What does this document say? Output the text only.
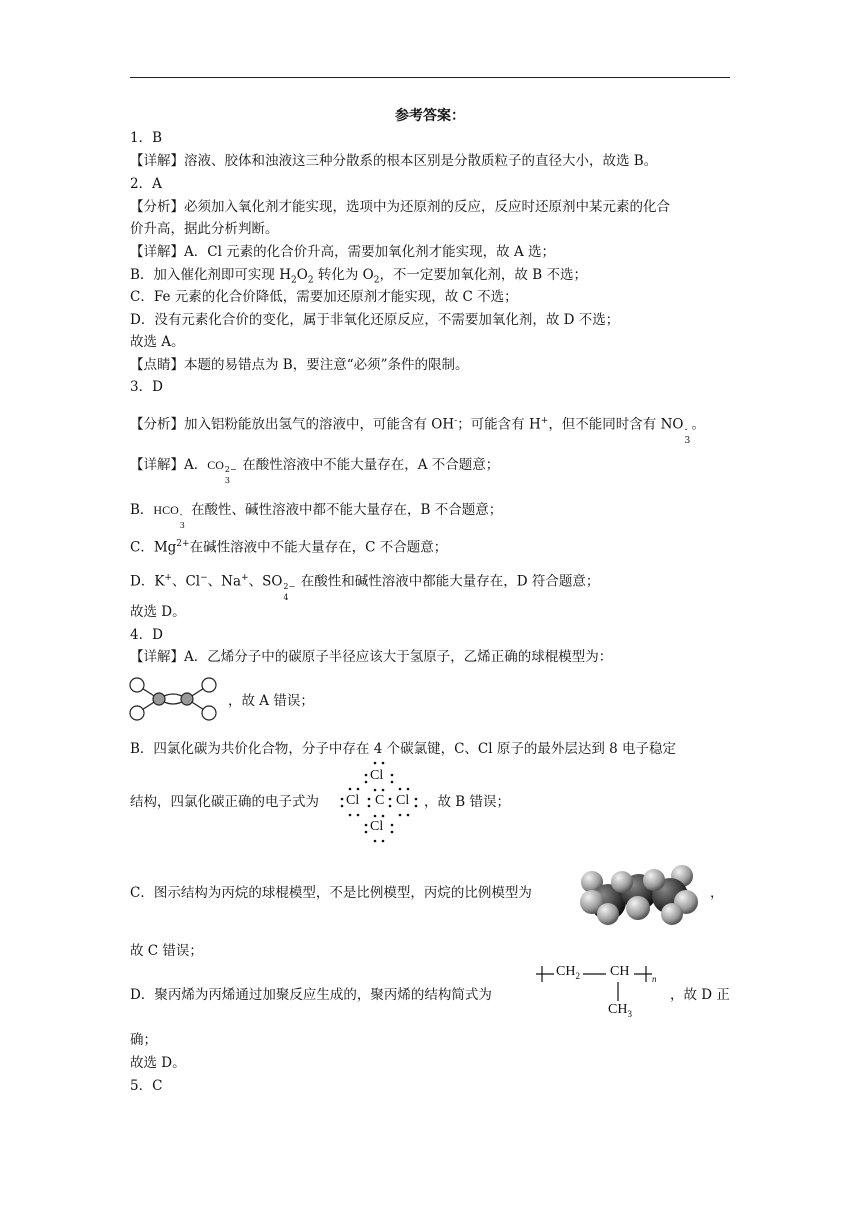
参考答案：
1．B
【详解】溶液、胶体和浊液这三种分散系的根本区别是分散质粒子的直径大小，故选 B。
2．A
【分析】必须加入氧化剂才能实现，选项中为还原剂的反应，反应时还原剂中某元素的化合
价升高，据此分析判断。
【详解】A．Cl 元素的化合价升高，需要加氧化剂才能实现，故 A 选；
B．加入催化剂即可实现 $H_2O_2$ 转化为 $O_2$，不一定要加氧化剂，故 B 不选；
C．Fe 元素的化合价降低，需要加还原剂才能实现，故 C 不选；
D．没有元素化合价的变化，属于非氧化还原反应，不需要加氧化剂，故 D 不选；
故选 A。
【点睛】本题的易错点为 B，要注意“必须”条件的限制。
3．D
【分析】加入铝粉能放出氢气的溶液中，可能含有 OH-；可能含有 H+，但不能同时含有 NO -
3
。
【详解】A．CO 2−
3
在酸性溶液中不能大量存在，A 不合题意；
B．HCO -
3
在酸性、碱性溶液中都不能大量存在，B 不合题意；
C．$Mg^{2+}$在碱性溶液中不能大量存在，C 不合题意；
D．K+、Cl−、Na+、SO 2−
4
在酸性和碱性溶液中都能大量存在，D 符合题意；
故选 D。
4．D
【详解】A．乙烯分子中的碳原子半径应该大于氢原子，乙烯正确的球棍模型为：
，故 A 错误；
B．四氯化碳为共价化合物，分子中存在 4 个碳氯键，C、Cl 原子的最外层达到 8 电子稳定
结构，四氯化碳正确的电子式为
Cl
Cl C Cl
Cl
，故 B 错误；
C．图示结构为丙烷的球棍模型，不是比例模型，丙烷的比例模型为	，
故 C 错误；
D．聚丙烯为丙烯通过加聚反应生成的，聚丙烯的结构简式为
$CH_2$ CH	n
$CH_3$
，故 D 正
确；
故选 D。
5．C
